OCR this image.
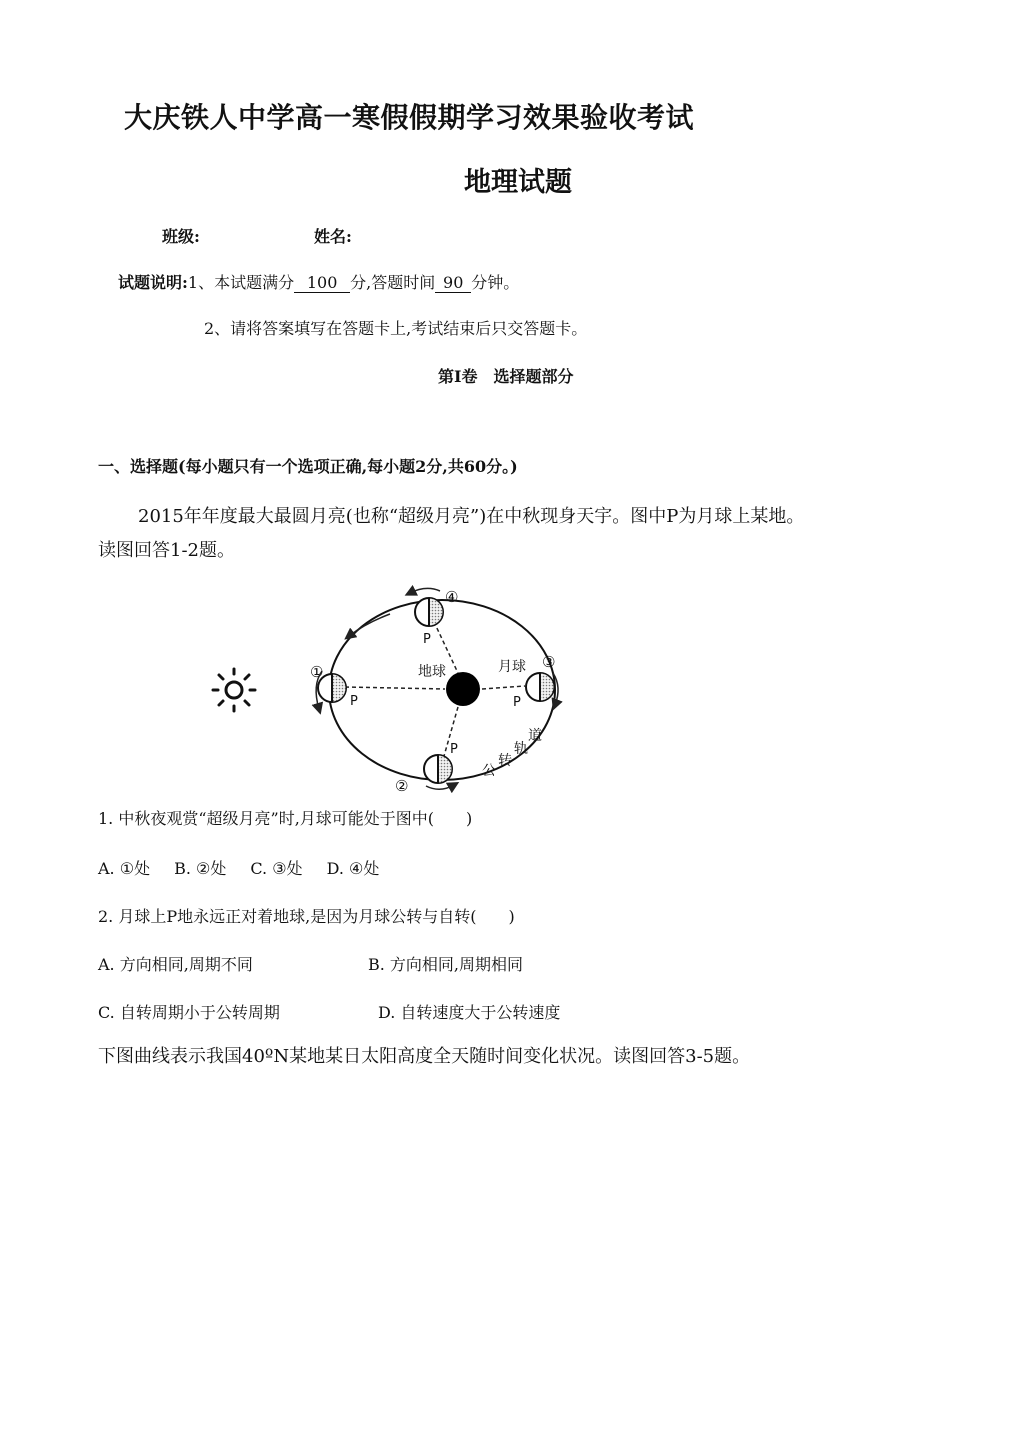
大庆铁人中学高一寒假假期学习效果验收考试
地理试题
班级:	姓名:
试题说明:1、本试题满分 100 分,答题时间 90 分钟。
2、请将答案填写在答题卡上,考试结束后只交答题卡。
第Ⅰ卷　选择题部分
一、选择题(每小题只有一个选项正确,每小题2分,共60分。)
2015年年度最大最圆月亮(也称“超级月亮”)在中秋现身天宇。图中P为月球上某地。
读图回答1-2题。
④
①
③
②
P
P	P
P
地球	月球
公
转
轨
道
1. 中秋夜观赏“超级月亮”时,月球可能处于图中(　　)
A. ①处 B. ②处 C. ③处 D. ④处
2. 月球上P地永远正对着地球,是因为月球公转与自转(　　)
A. 方向相同,周期不同	B. 方向相同,周期相同
C. 自转周期小于公转周期	D. 自转速度大于公转速度
下图曲线表示我国40ºN某地某日太阳高度全天随时间变化状况。读图回答3-5题。
